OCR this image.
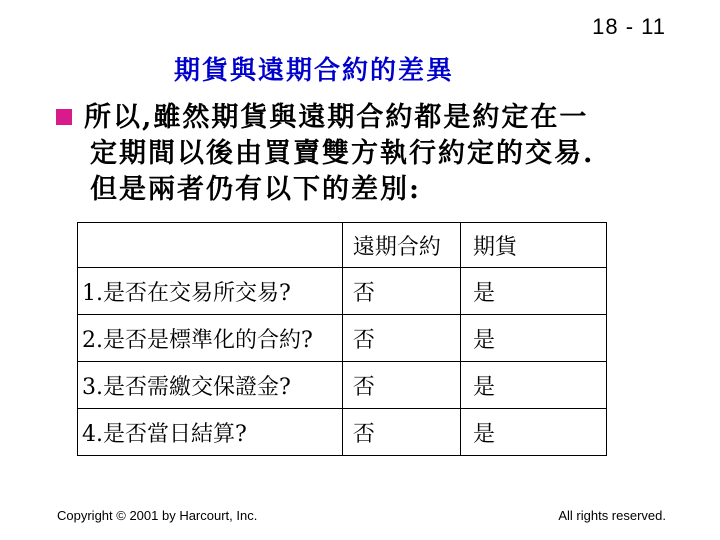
18 - 11
期貨與遠期合約的差異
所以,雖然期貨與遠期合約都是約定在一
定期間以後由買賣雙方執行約定的交易.
但是兩者仍有以下的差別:
	遠期合約	期貨
1.是否在交易所交易?	否	是
2.是否是標準化的合約?	否	是
3.是否需繳交保證金?	否	是
4.是否當日結算?	否	是
Copyright © 2001 by Harcourt, Inc.	All rights reserved.
